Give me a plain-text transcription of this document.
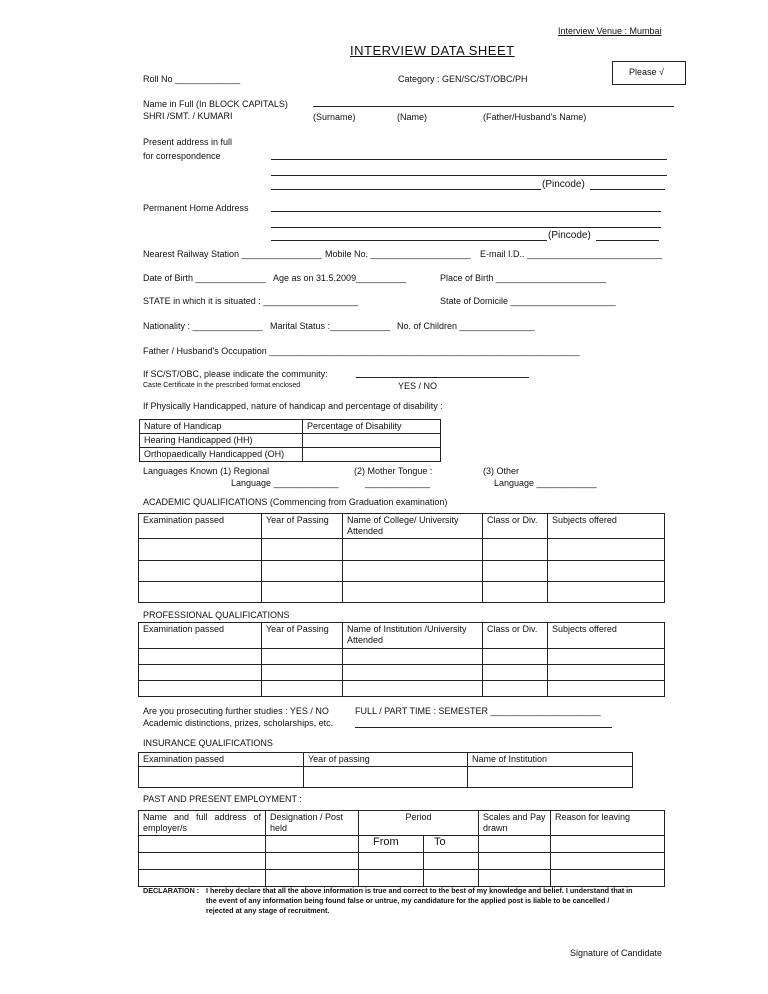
Interview Venue : Mumbai
INTERVIEW DATA SHEET
Please √
Roll No _____________	Category : GEN/SC/ST/OBC/PH
Name in Full (In BLOCK CAPITALS)
SHRI /SMT. / KUMARI	(Surname)	(Name)	(Father/Husband's Name)
Present address in full
for correspondence
(Pincode)
Permanent Home Address
(Pincode)
Nearest Railway Station ________________ Mobile No. ____________________ E-mail I.D.. ___________________________
Date of Birth ______________ Age as on 31.5.2009__________	Place of Birth ______________________
STATE in which it is situated : ___________________	State of Domicile _____________________
Nationality : ______________ Marital Status :____________ No. of Children _______________
Father / Husband's Occupation ______________________________________________________________
If SC/ST/OBC, please indicate the community:
Caste Certificate in the prescribed format enclosed	YES / NO
If Physically Handicapped, nature of handicap and percentage of disability :
Nature of Handicap	Percentage of Disability
Hearing Handicapped (HH)	
Orthopaedically Handicapped (OH)	
Languages Known (1) Regional
Language _____________
(2) Mother Tongue :
_____________
(3) Other
Language ____________
ACADEMIC QUALIFICATIONS (Commencing from Graduation examination)
Examination passed	Year of Passing	Name of College/ University Attended	Class or Div.	Subjects offered

PROFESSIONAL QUALIFICATIONS
Examination passed	Year of Passing	Name of Institution /University Attended	Class or Div.	Subjects offered

Are you prosecuting further studies : YES / NO
Academic distinctions, prizes, scholarships, etc.
FULL / PART TIME : SEMESTER ______________________
INSURANCE QUALIFICATIONS
Examination passed	Year of passing	Name of Institution

PAST AND PRESENT EMPLOYMENT :
Name and full address of employer/s	Designation / Post held	Period		Scales and Pay drawn	Reason for leaving
		From	To		

DECLARATION : I hereby declare that all the above information is true and correct to the best of my knowledge and belief. I understand that in the event of any information being found false or untrue, my candidature for the applied post is liable to be cancelled / rejected at any stage of recruitment.
Signature of Candidate
